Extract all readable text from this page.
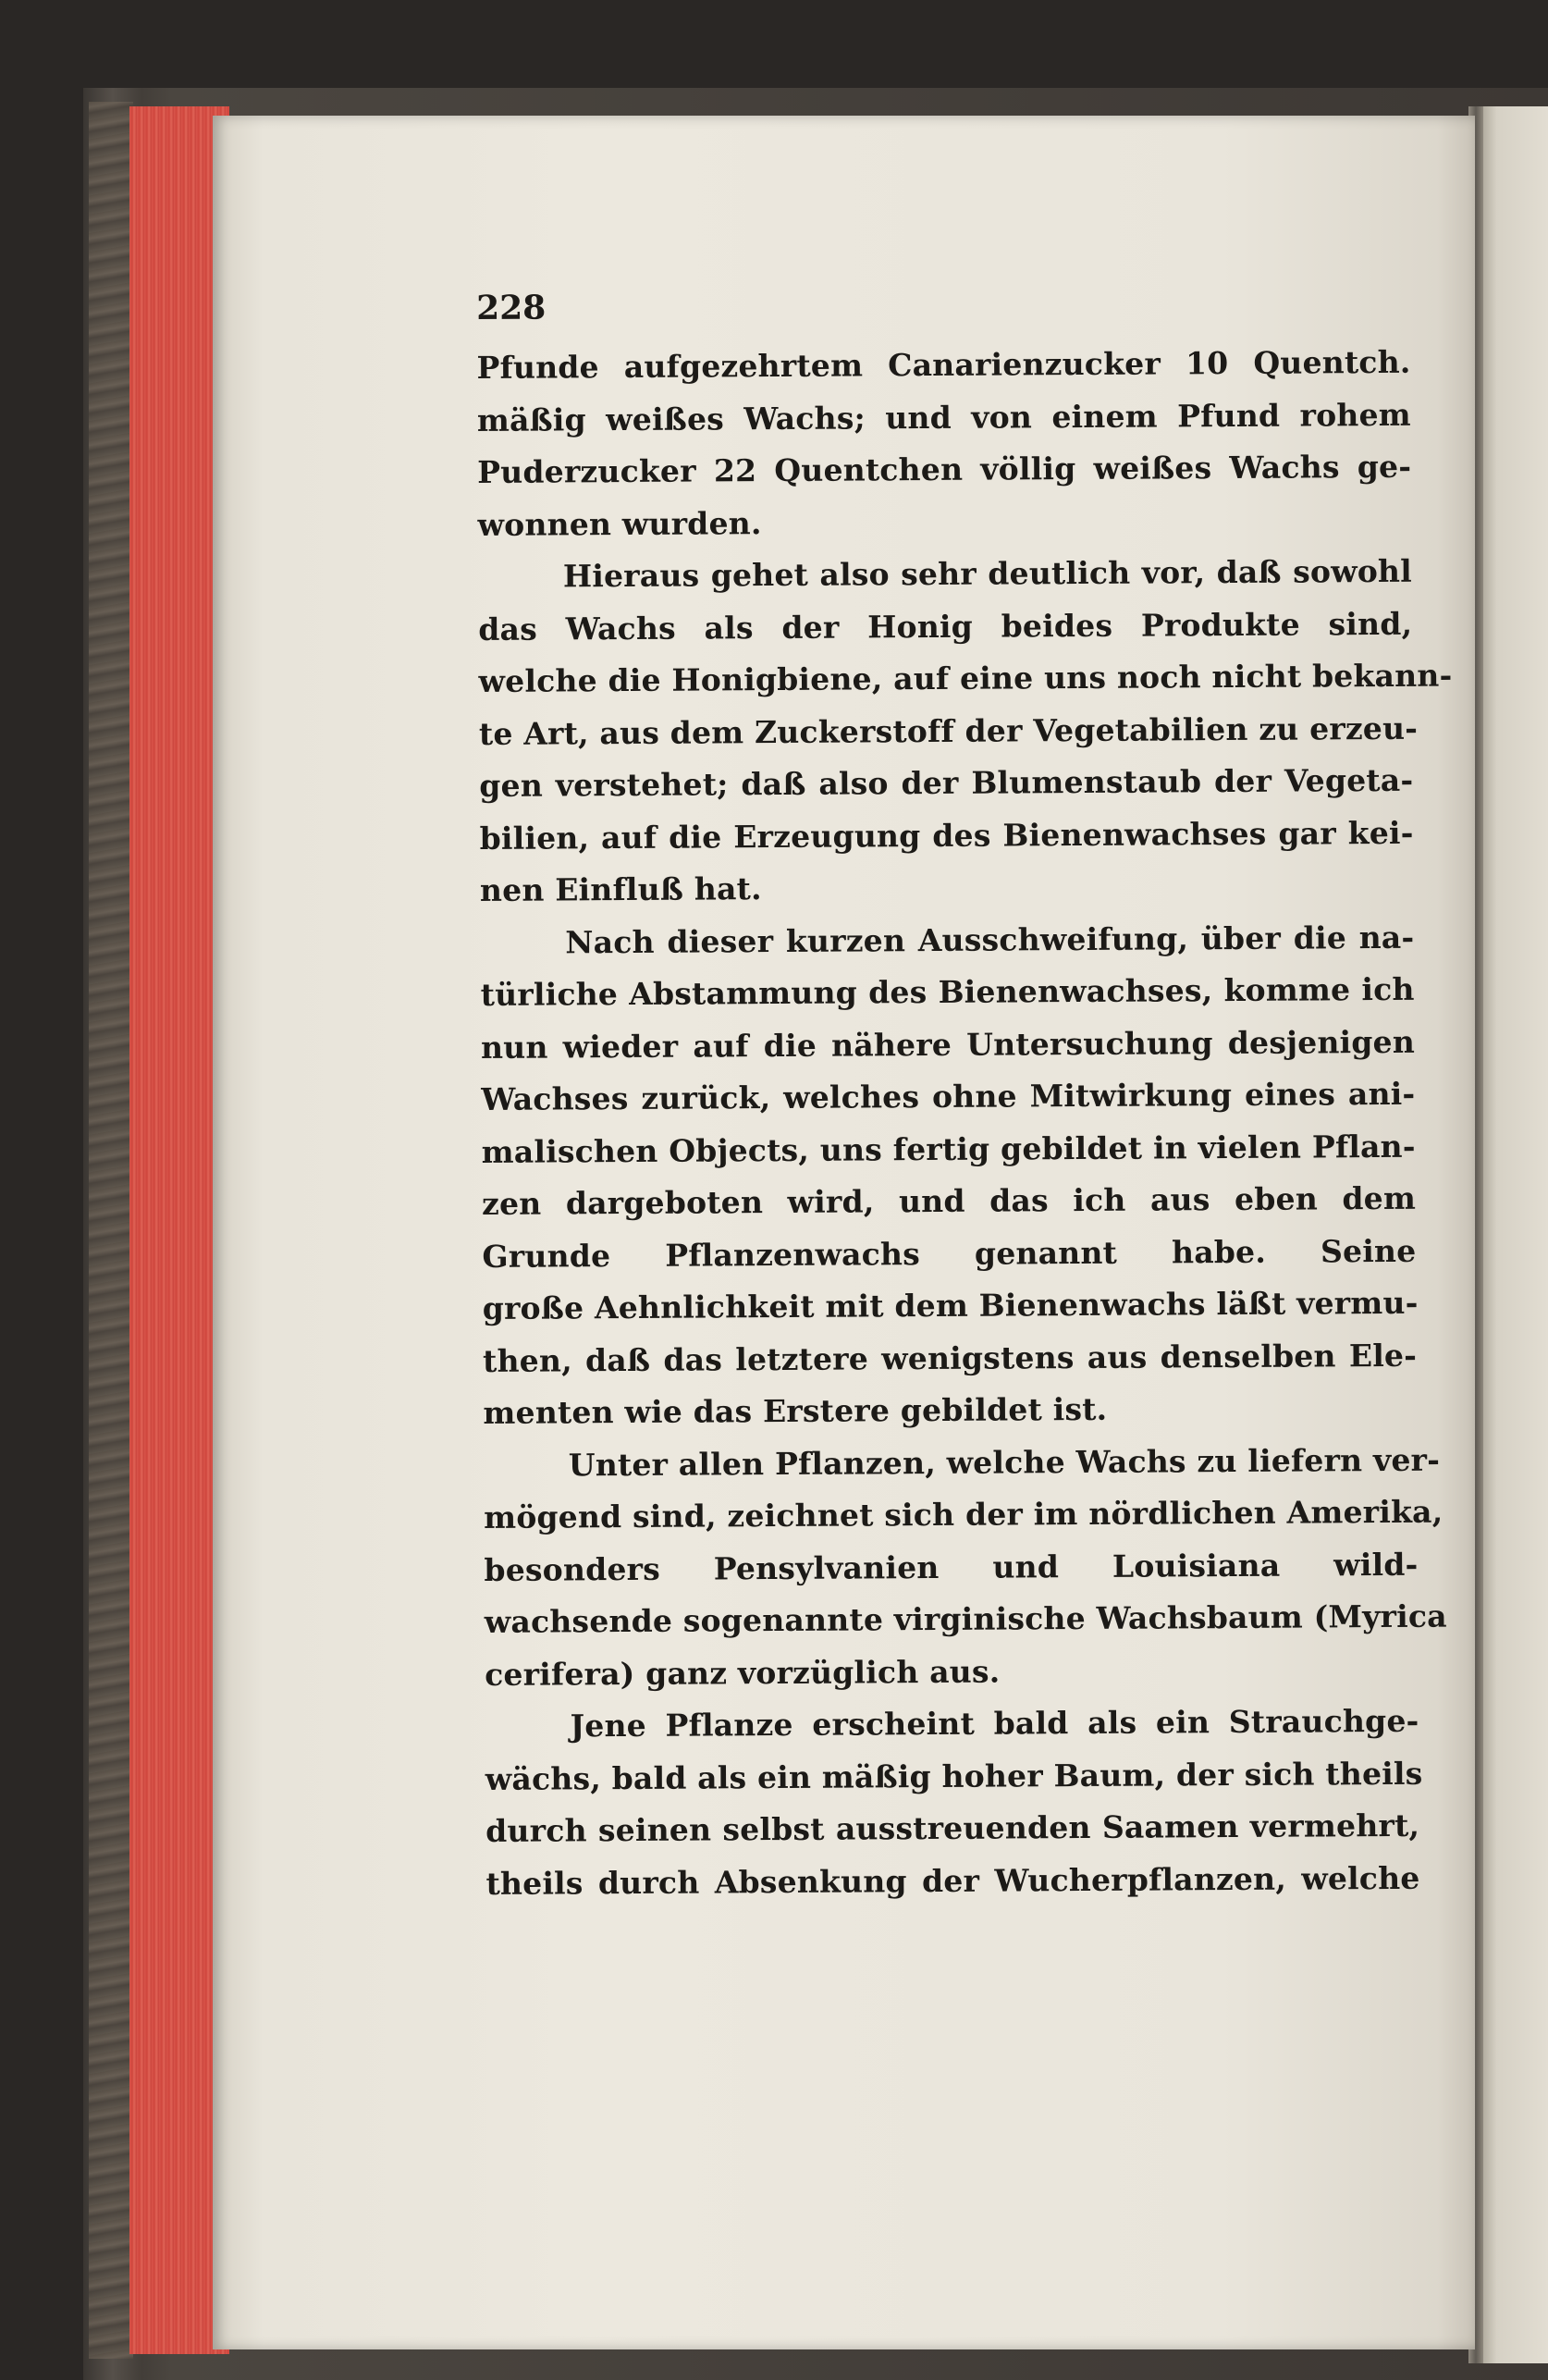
228
Pfunde aufgezehrtem Canarienzucker 10 Quentch.
mäßig weißes Wachs; und von einem Pfund rohem
Puderzucker 22 Quentchen völlig weißes Wachs ge-
wonnen wurden.
Hieraus gehet also sehr deutlich vor, daß sowohl
das Wachs als der Honig beides Produkte sind,
welche die Honigbiene, auf eine uns noch nicht bekann-
te Art, aus dem Zuckerstoff der Vegetabilien zu erzeu-
gen verstehet; daß also der Blumenstaub der Vegeta-
bilien, auf die Erzeugung des Bienenwachses gar kei-
nen Einfluß hat.
Nach dieser kurzen Ausschweifung, über die na-
türliche Abstammung des Bienenwachses, komme ich
nun wieder auf die nähere Untersuchung desjenigen
Wachses zurück, welches ohne Mitwirkung eines ani-
malischen Objects, uns fertig gebildet in vielen Pflan-
zen dargeboten wird, und das ich aus eben dem
Grunde Pflanzenwachs genannt habe. Seine
große Aehnlichkeit mit dem Bienenwachs läßt vermu-
then, daß das letztere wenigstens aus denselben Ele-
menten wie das Erstere gebildet ist.
Unter allen Pflanzen, welche Wachs zu liefern ver-
mögend sind, zeichnet sich der im nördlichen Amerika,
besonders Pensylvanien und Louisiana wild-
wachsende sogenannte virginische Wachsbaum (Myrica
cerifera) ganz vorzüglich aus.
Jene Pflanze erscheint bald als ein Strauchge-
wächs, bald als ein mäßig hoher Baum, der sich theils
durch seinen selbst ausstreuenden Saamen vermehrt,
theils durch Absenkung der Wucherpflanzen, welche
